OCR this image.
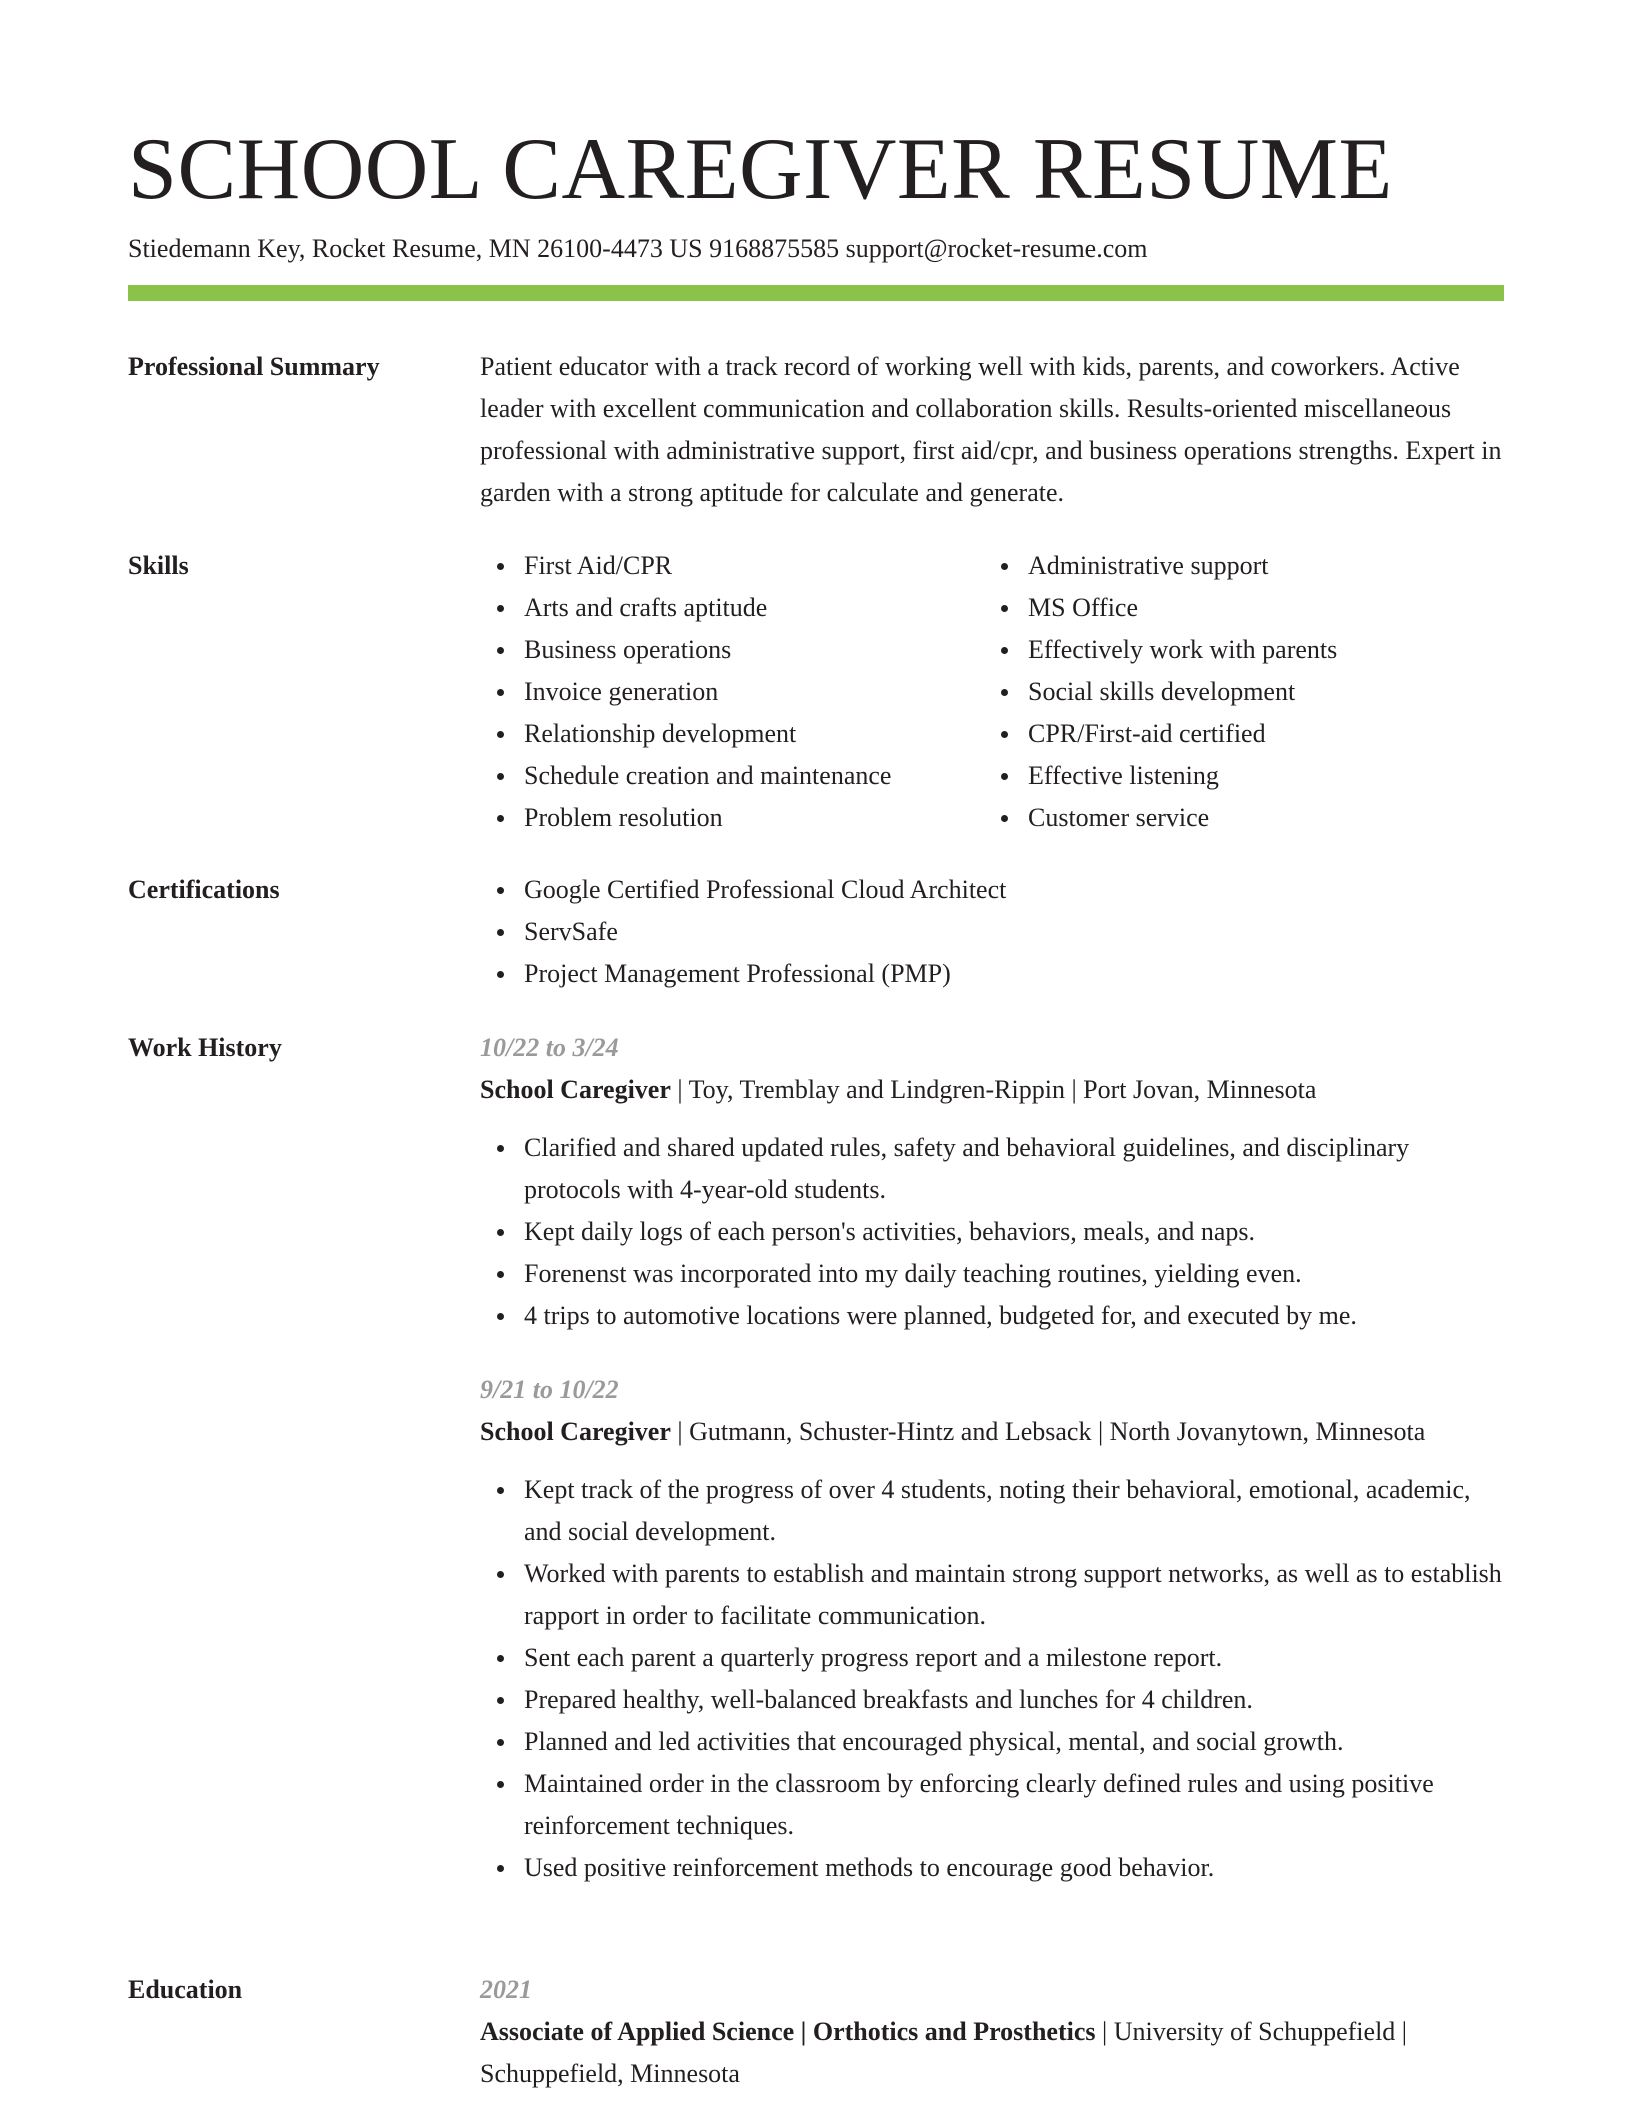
SCHOOL CAREGIVER RESUME
Stiedemann Key, Rocket Resume, MN 26100-4473 US 9168875585 support@rocket-resume.com
Professional Summary	Patient educator with a track record of working well with kids, parents, and coworkers. Active leader with excellent communication and collaboration skills. Results-oriented miscellaneous professional with administrative support, first aid/cpr, and business operations strengths. Expert in garden with a strong aptitude for calculate and generate.

Skills	First Aid/CPR
Arts and crafts aptitude
Business operations
Invoice generation
Relationship development
Schedule creation and maintenance
Problem resolution
Administrative support
MS Office
Effectively work with parents
Social skills development
CPR/First-aid certified
Effective listening
Customer service
Certifications	Google Certified Professional Cloud Architect
ServSafe
Project Management Professional (PMP)
Work History	10/22 to 3/24
School Caregiver | Toy, Tremblay and Lindgren-Rippin | Port Jovan, Minnesota
Clarified and shared updated rules, safety and behavioral guidelines, and disciplinary protocols with 4-year-old students.
Kept daily logs of each person's activities, behaviors, meals, and naps.
Forenenst was incorporated into my daily teaching routines, yielding even.
4 trips to automotive locations were planned, budgeted for, and executed by me.
9/21 to 10/22
School Caregiver | Gutmann, Schuster-Hintz and Lebsack | North Jovanytown, Minnesota
Kept track of the progress of over 4 students, noting their behavioral, emotional, academic, and social development.
Worked with parents to establish and maintain strong support networks, as well as to establish rapport in order to facilitate communication.
Sent each parent a quarterly progress report and a milestone report.
Prepared healthy, well-balanced breakfasts and lunches for 4 children.
Planned and led activities that encouraged physical, mental, and social growth.
Maintained order in the classroom by enforcing clearly defined rules and using positive reinforcement techniques.
Used positive reinforcement methods to encourage good behavior.
Education	2021
Associate of Applied Science | Orthotics and Prosthetics | University of Schuppefield | Schuppefield, Minnesota
